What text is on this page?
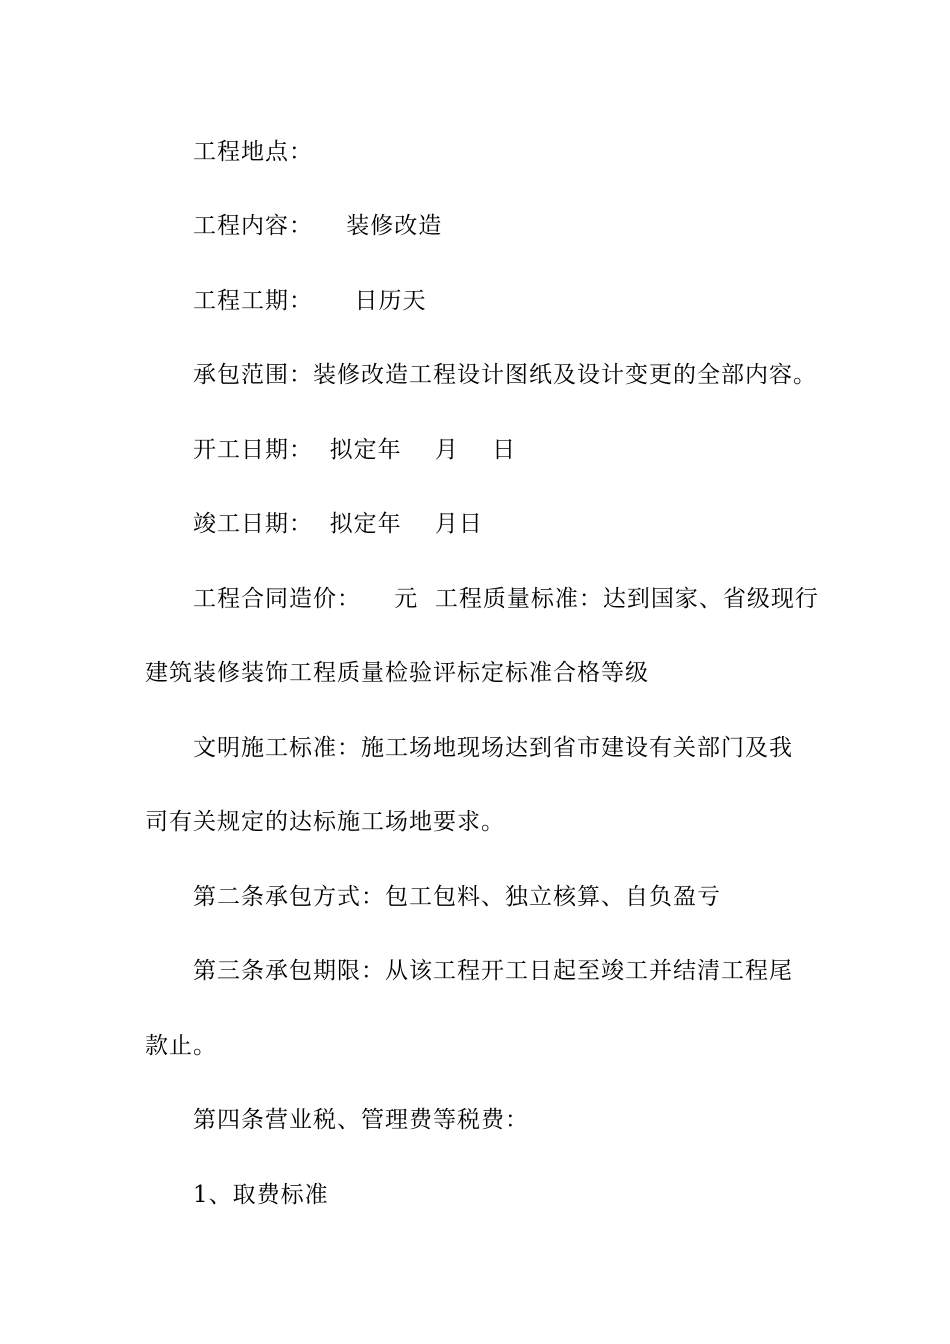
工程地点：
工程内容：    装修改造
工程工期：     日历天
承包范围：装修改造工程设计图纸及设计变更的全部内容。
开工日期：  拟定年    月    日
竣工日期：  拟定年    月日
工程合同造价：    元  工程质量标准：达到国家、省级现行
建筑装修装饰工程质量检验评标定标准合格等级
文明施工标准：施工场地现场达到省市建设有关部门及我
司有关规定的达标施工场地要求。
第二条承包方式：包工包料、独立核算、自负盈亏
第三条承包期限：从该工程开工日起至竣工并结清工程尾
款止。
第四条营业税、管理费等税费：
1、取费标准
